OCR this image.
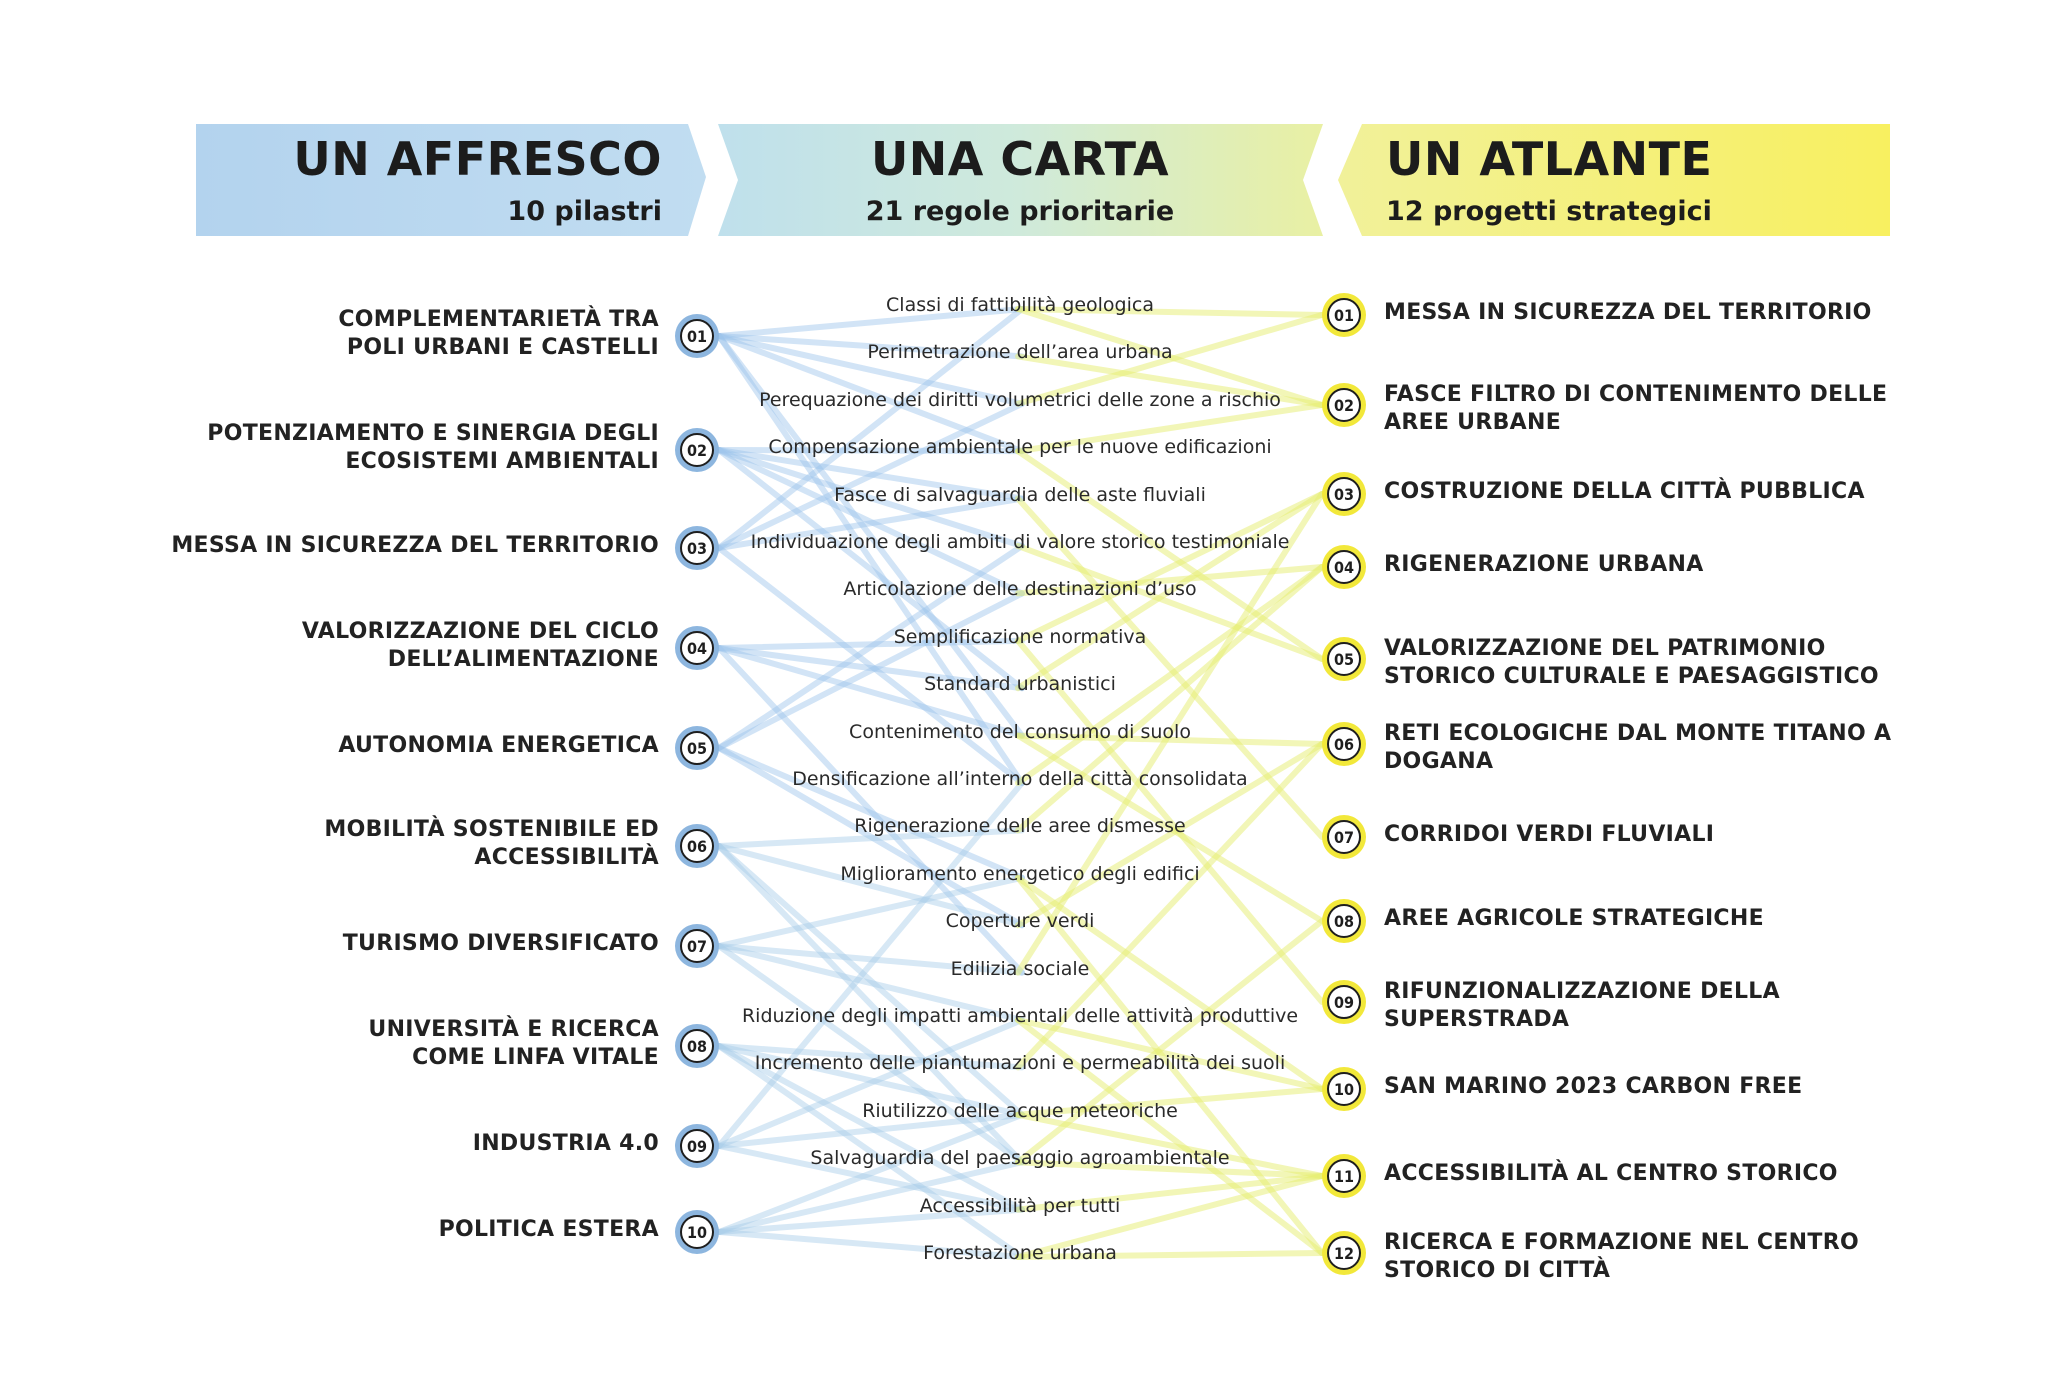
UN AFFRESCO
10 pilastri
UNA CARTA
21 regole prioritarie
UN ATLANTE
12 progetti strategici
COMPLEMENTARIETÀ TRA
POLI URBANI E CASTELLI	01
POTENZIAMENTO E SINERGIA DEGLI
ECOSISTEMI AMBIENTALI	02
MESSA IN SICUREZZA DEL TERRITORIO	03
VALORIZZAZIONE DEL CICLO
DELL’ALIMENTAZIONE	04
AUTONOMIA ENERGETICA	05
MOBILITÀ SOSTENIBILE ED
ACCESSIBILITÀ	06
TURISMO DIVERSIFICATO	07
UNIVERSITÀ E RICERCA
COME LINFA VITALE	08
INDUSTRIA 4.0	09
POLITICA ESTERA	10
Classi di fattibilità geologica
Perimetrazione dell’area urbana
Perequazione dei diritti volumetrici delle zone a rischio
Compensazione ambientale per le nuove edificazioni
Fasce di salvaguardia delle aste fluviali
Individuazione degli ambiti di valore storico testimoniale
Articolazione delle destinazioni d’uso
Semplificazione normativa
Standard urbanistici
Contenimento del consumo di suolo
Densificazione all’interno della città consolidata
Rigenerazione delle aree dismesse
Miglioramento energetico degli edifici
Coperture verdi
Edilizia sociale
Riduzione degli impatti ambientali delle attività produttive
Incremento delle piantumazioni e permeabilità dei suoli
Riutilizzo delle acque meteoriche
Salvaguardia del paesaggio agroambientale
Accessibilità per tutti
Forestazione urbana
01	MESSA IN SICUREZZA DEL TERRITORIO
02	FASCE FILTRO DI CONTENIMENTO DELLE
AREE URBANE
03	COSTRUZIONE DELLA CITTÀ PUBBLICA
04	RIGENERAZIONE URBANA
05	VALORIZZAZIONE DEL PATRIMONIO
STORICO CULTURALE E PAESAGGISTICO
06	RETI ECOLOGICHE DAL MONTE TITANO A
DOGANA
07	CORRIDOI VERDI FLUVIALI
08	AREE AGRICOLE STRATEGICHE
09	RIFUNZIONALIZZAZIONE DELLA
SUPERSTRADA
10	SAN MARINO 2023 CARBON FREE
11	ACCESSIBILITÀ AL CENTRO STORICO
12	RICERCA E FORMAZIONE NEL CENTRO
STORICO DI CITTÀ
